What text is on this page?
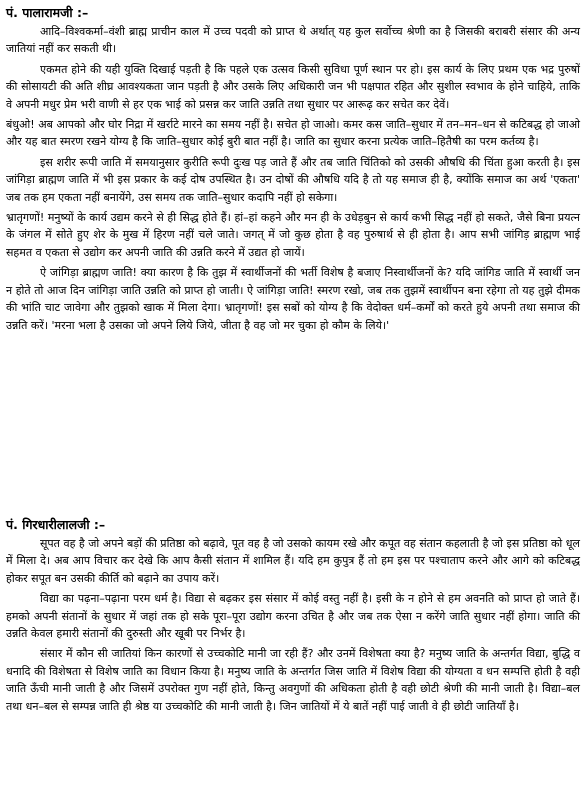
पं. पालारामजी :–

आदि–विश्वकर्मा–वंशी ब्राह्म प्राचीन काल में उच्च पदवी को प्राप्त थे अर्थात् यह कुल सर्वोच्च श्रेणी का है जिसकी बराबरी संसार की अन्य जातियां नहीं कर सकती थी।

एकमत होने की यही युक्ति दिखाई पड़ती है कि पहले एक उत्सव किसी सुविधा पूर्ण स्थान पर हो। इस कार्य के लिए प्रथम एक भद्र पुरुषों की सोसायटी की अति शीघ्र आवश्यकता जान पड़ती है और उसके लिए अधिकारी जन भी पक्षपात रहित और सुशील स्वभाव के होने चाहिये, ताकि वे अपनी मधुर प्रेम भरी वाणी से हर एक भाई को प्रसन्न कर जाति उन्नति तथा सुधार पर आरूढ़ कर सचेत कर देवें।

बंधुओ! अब आपको और घोर निद्रा में खर्राटे मारने का समय नहीं है। सचेत हो जाओ। कमर कस जाति–सुधार में तन–मन–धन से कटिबद्ध हो जाओ और यह बात स्मरण रखने योग्य है कि जाति–सुधार कोई बुरी बात नहीं है। जाति का सुधार करना प्रत्येक जाति–हितैषी का परम कर्तव्य है।

इस शरीर रूपी जाति में समयानुसार कुरीति रूपी दुःख पड़ जाते हैं और तब जाति चिंतिको को उसकी औषधि की चिंता हुआ करती है। इस जांगिड़ा ब्राह्मण जाति में भी इस प्रकार के कई दोष उपस्थित है। उन दोषों की औषधि यदि है तो यह समाज ही है, क्योंकि समाज का अर्थ 'एकता' जब तक हम एकता नहीं बनायेंगे, उस समय तक जाति–सुधार कदापि नहीं हो सकेगा।

भ्रातृगणों! मनुष्यों के कार्य उद्यम करने से ही सिद्ध होते हैं। हां–हां कहने और मन ही के उधेड़बुन से कार्य कभी सिद्ध नहीं हो सकते, जैसे बिना प्रयत्न के जंगल में सोते हुए शेर के मुख में हिरण नहीं चले जाते। जगत् में जो कुछ होता है वह पुरुषार्थ से ही होता है। आप सभी जांगिड़ ब्राह्मण भाई सहमत व एकता से उद्योग कर अपनी जाति की उन्नति करने में उद्यत हो जायें।

ऐ जांगिड़ा ब्राह्मण जाति! क्या कारण है कि तुझ में स्वार्थीजनों की भर्ती विशेष है बजाए निस्वार्थीजनों के? यदि जांगिड जाति में स्वार्थी जन न होते तो आज दिन जांगिड़ा जाति उन्नति को प्राप्त हो जाती। ऐ जांगिड़ा जाति! स्मरण रखो, जब तक तुझमें स्वार्थीपन बना रहेगा तो यह तुझे दीमक की भांति चाट जावेगा और तुझको खाक में मिला देगा। भ्रातृगणों! इस सबों को योग्य है कि वेदोक्त धर्म–कर्मों को करते हुये अपनी तथा समाज की उन्नति करें। 'मरना भला है उसका जो अपने लिये जिये, जीता है वह जो मर चुका हो कौम के लिये।'

पं. गिरधारीलालजी :–

सूपत वह है जो अपने बड़ों की प्रतिष्ठा को बढ़ावे, पूत वह है जो उसको कायम रखे और कपूत वह संतान कहलाती है जो इस प्रतिष्ठा को धूल में मिला दे। अब आप विचार कर देखे कि आप कैसी संतान में शामिल हैं। यदि हम कुपुत्र हैं तो हम इस पर पश्चाताप करने और आगे को कटिबद्ध होकर सपूत बन उसकी कीर्ति को बढ़ाने का उपाय करें।

विद्या का पढ़ना–पढ़ाना परम धर्म है। विद्या से बढ़कर इस संसार में कोई वस्तु नहीं है। इसी के न होने से हम अवनति को प्राप्त हो जाते हैं। हमको अपनी संतानों के सुधार में जहां तक हो सके पूरा–पूरा उद्योग करना उचित है और जब तक ऐसा न करेंगे जाति सुधार नहीं होगा। जाति की उन्नति केवल हमारी संतानों की दुरुस्ती और खूबी पर निर्भर है।

संसार में कौन सी जातियां किन कारणों से उच्चकोटि मानी जा रही हैं? और उनमें विशेषता क्या है? मनुष्य जाति के अन्तर्गत विद्या, बुद्धि व धनादि की विशेषता से विशेष जाति का विधान किया है। मनुष्य जाति के अन्तर्गत जिस जाति में विशेष विद्या की योग्यता व धन सम्पत्ति होती है वही जाति ऊँची मानी जाती है और जिसमें उपरोक्त गुण नहीं होते, किन्तु अवगुणों की अधिकता होती है वही छोटी श्रेणी की मानी जाती है। विद्या–बल तथा धन–बल से सम्पन्न जाति ही श्रेष्ठ या उच्चकोटि की मानी जाती है। जिन जातियों में ये बातें नहीं पाई जाती वे ही छोटी जातियाँ है।
